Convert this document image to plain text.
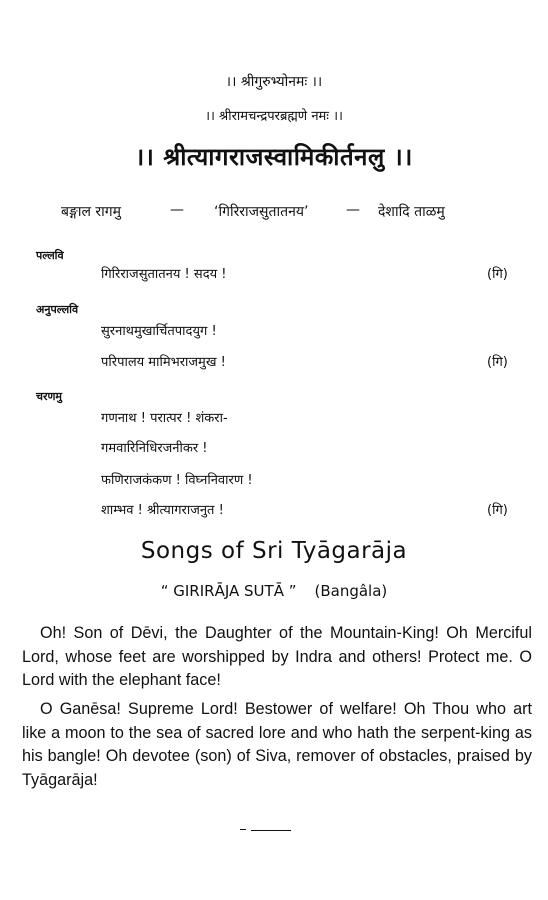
।। श्रीगुरुभ्योनमः ।।
।। श्रीरामचन्द्रपरब्रह्मणे नमः ।।
।। श्रीत्यागराजस्वामिकीर्तनलु ।।
बङ्गाल रागमु	— ‘गिरिराजसुतातनय’	— देशादि ताळमु
पल्लवि
गिरिराजसुतातनय ! सदय !	(गि)
अनुपल्लवि
सुरनाथमुखार्चितपादयुग !
परिपालय मामिभराजमुख !	(गि)
चरणमु
गणनाथ ! परात्पर ! शंकरा-
गमवारिनिधिरजनीकर !
फणिराजकंकण ! विघ्ननिवारण !
शाम्भव ! श्रीत्यागराजनुत !	(गि)
Songs of Sri Tyāgarāja
“ GIRIRĀJA SUTĀ ” (Bangâla)

Oh! Son of Dēvi, the Daughter of the Mountain-King! Oh Merciful Lord, whose feet are worshipped by Indra and others! Protect me. O Lord with the elephant face!

O Ganēsa! Supreme Lord! Bestower of welfare! Oh Thou who art like a moon to the sea of sacred lore and who hath the serpent-king as his bangle! Oh devotee (son) of Siva, remover of obstacles, praised by Tyāgarāja!
